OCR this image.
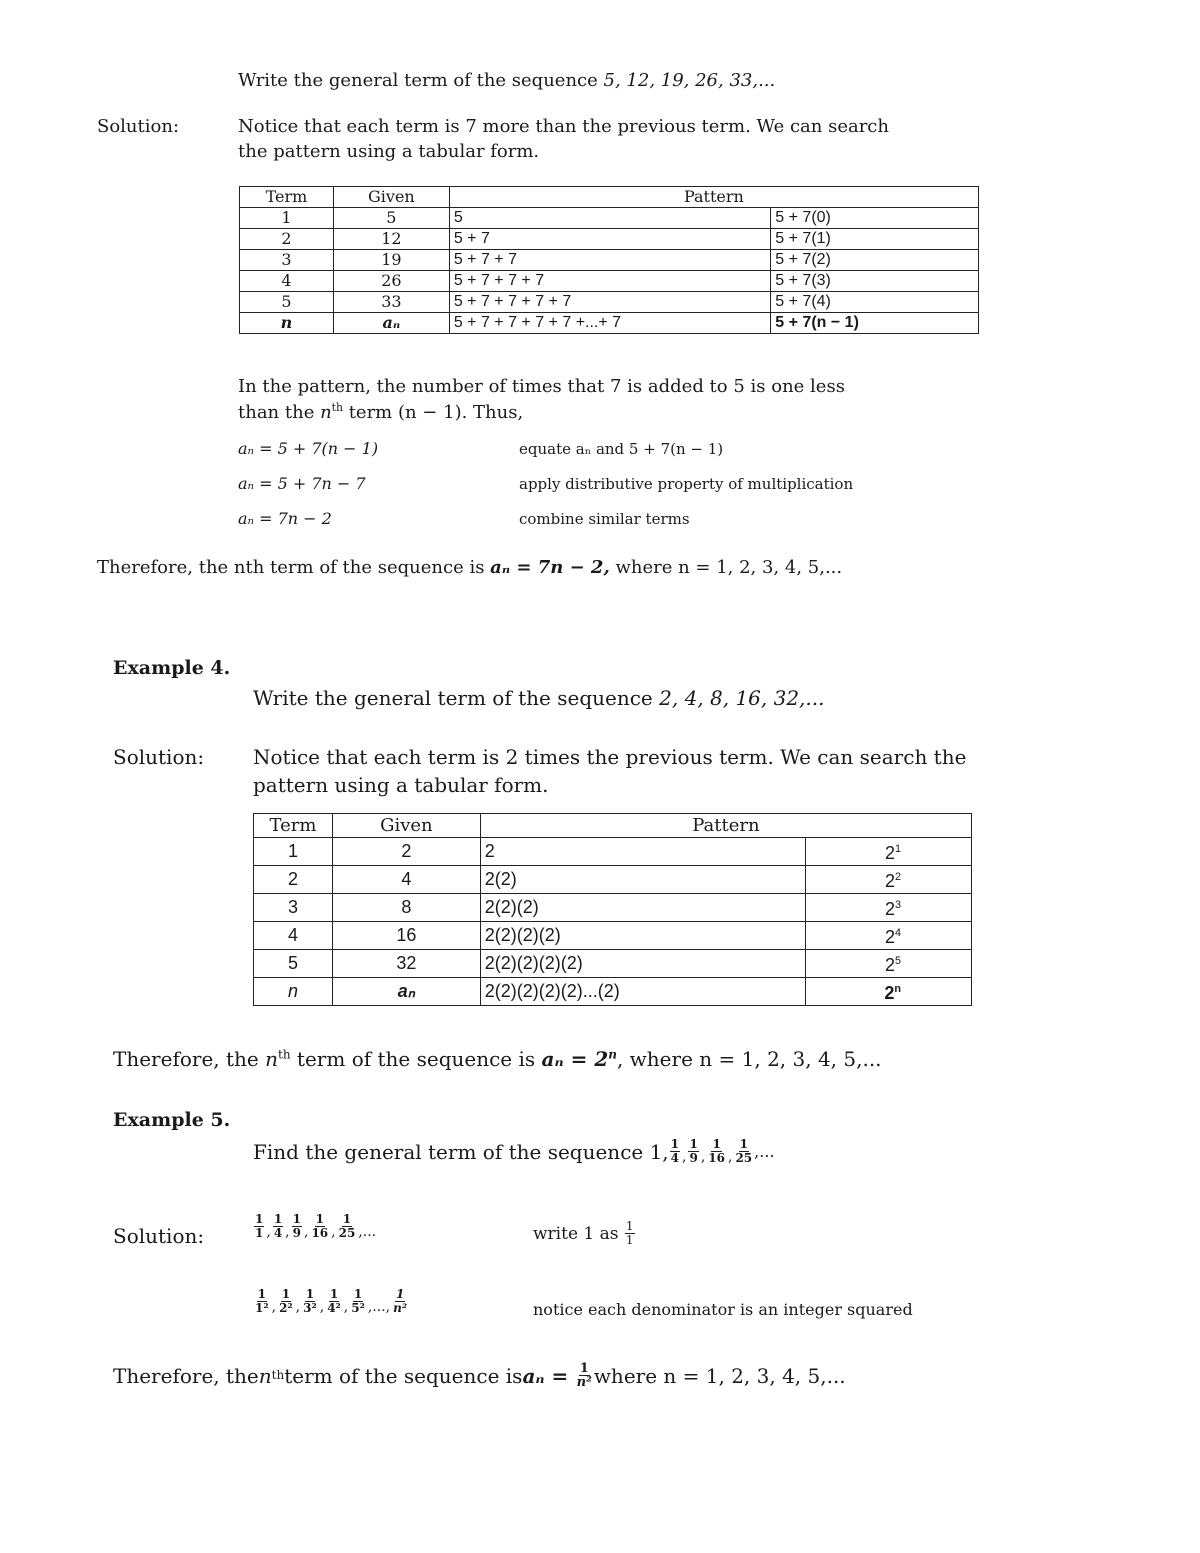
Write the general term of the sequence 5, 12, 19, 26, 33,...
Solution:	Notice that each term is 7 more than the previous term. We can search
the pattern using a tabular form.
Term	Given	Pattern	
1	5	5	5 + 7(0)
2	12	5 + 7	5 + 7(1)
3	19	5 + 7 + 7	5 + 7(2)
4	26	5 + 7 + 7 + 7	5 + 7(3)
5	33	5 + 7 + 7 + 7 + 7	5 + 7(4)
n	aₙ	5 + 7 + 7 + 7 + 7 +...+ 7	5 + 7(n − 1)
In the pattern, the number of times that 7 is added to 5 is one less
than the $n^{th}$ term (n − 1). Thus,
aₙ = 5 + 7(n − 1)	equate aₙ and 5 + 7(n − 1)
aₙ = 5 + 7n − 7	apply distributive property of multiplication
aₙ = 7n − 2	combine similar terms
Therefore, the nth term of the sequence is aₙ = 7n − 2, where n = 1, 2, 3, 4, 5,...
Example 4.
Write the general term of the sequence 2, 4, 8, 16, 32,...
Solution: Notice that each term is 2 times the previous term. We can search the
pattern using a tabular form.
Term	Given	Pattern	
1	2	2	$2^1$
2	4	2(2)	$2^2$
3	8	2(2)(2)	$2^3$
4	16	2(2)(2)(2)	$2^4$
5	32	2(2)(2)(2)(2)	$2^5$
n	aₙ	2(2)(2)(2)(2)...(2)	2$^n$
Therefore, the $n^{th}$ term of the sequence is $a_n = 2^n$, where n = 1, 2, 3, 4, 5,...
Example 5.
Find the general term of the sequence 1, $\frac{1}{4}$ , $\frac{1}{9}$ , $\frac{1}{16}$ , $\frac{1}{25}$ ,...
Solution:	$\frac{1}{1}$ , $\frac{1}{4}$ , $\frac{1}{9}$ , $\frac{1}{16}$ , $\frac{1}{25}$ ,...	write 1 as
$\frac{1}{1}$
$\frac{1}{\text{1²}}$ , $\frac{1}{\text{2²}}$ , $\frac{1}{\text{3²}}$ , $\frac{1}{\text{4²}}$ , $\frac{1}{\text{5²}}$ ,..., $\frac{1}{\text{n²}}$	notice each denominator is an integer squared
Therefore, the n th term of the sequence is aₙ =
$\frac{1}{\text{n²}}$ where n = 1, 2, 3, 4, 5,...
